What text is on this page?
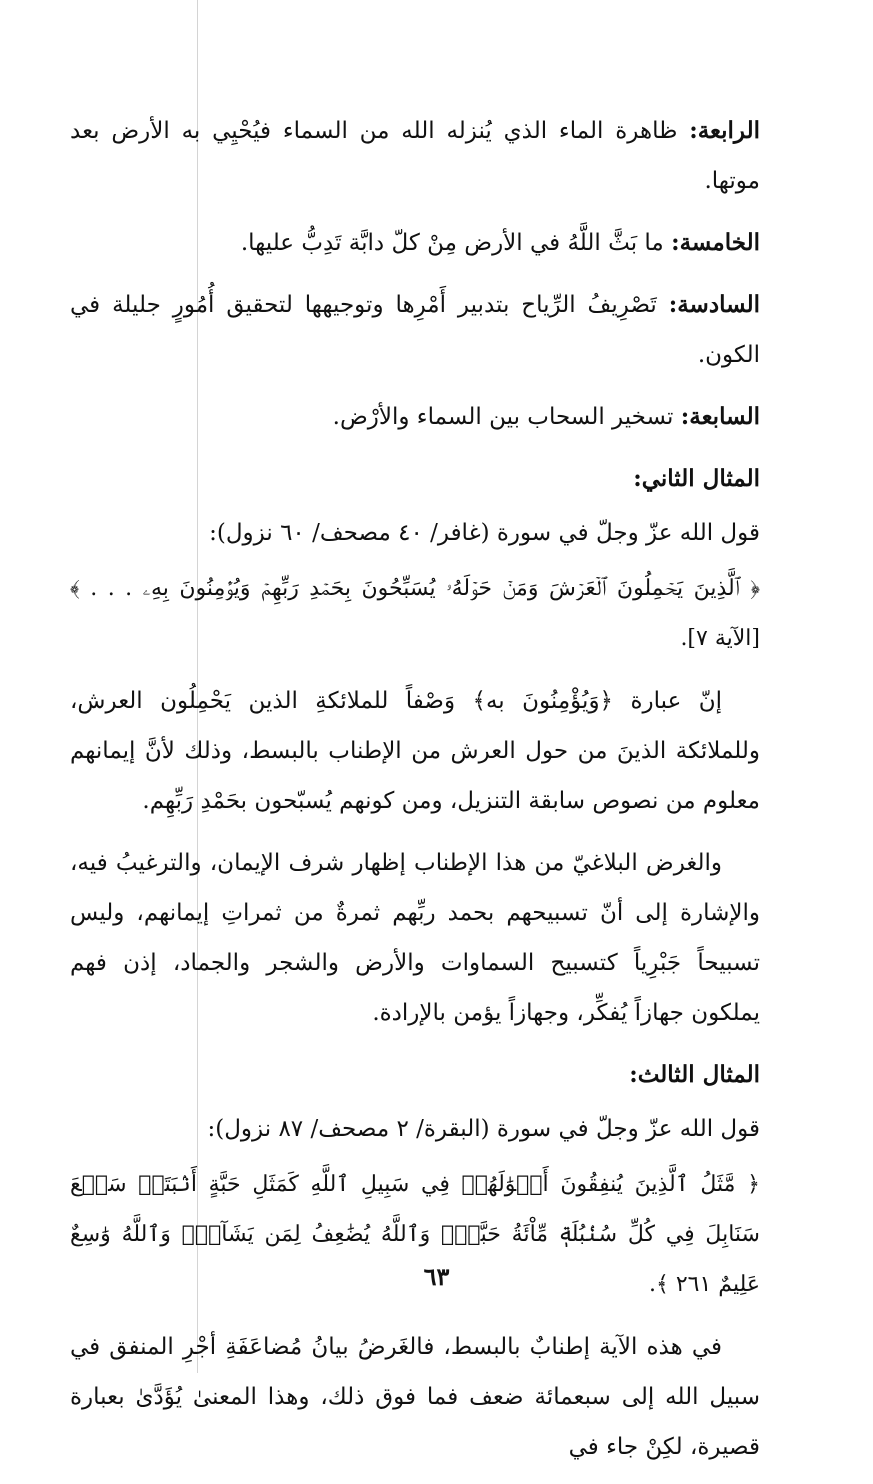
الرابعة: ظاهرة الماء الذي يُنزله الله من السماء فيُحْيِي به الأرض بعد موتها.

الخامسة: ما بَثَّ اللَّهُ في الأرض مِنْ كلّ دابَّة تَدِبُّ عليها.

السادسة: تَصْرِيفُ الرِّياح بتدبير أَمْرِها وتوجيهها لتحقيق أُمُورٍ جليلة في الكون.

السابعة: تسخير السحاب بين السماء والأرْض.

المثال الثاني:

قول الله عزّ وجلّ في سورة (غافر/ ٤٠ مصحف/ ٦٠ نزول):

﴿ ٱلَّذِينَ يَحۡمِلُونَ ٱلۡعَرۡشَ وَمَنۡ حَوۡلَهُۥ يُسَبِّحُونَ بِحَمۡدِ رَبِّهِمۡ وَيُؤۡمِنُونَ بِهِۦ . . . ﴾ [الآية ٧].

إنّ عبارة ﴿وَيُؤْمِنُونَ به﴾ وَصْفاً للملائكةِ الذين يَحْمِلُون العرش، وللملائكة الذينَ من حول العرش من الإطناب بالبسط، وذلك لأنَّ إيمانهم معلوم من نصوص سابقة التنزيل، ومن كونهم يُسبّحون بحَمْدِ رَبِّهِم.

والغرض البلاغيّ من هذا الإطناب إظهار شرف الإيمان، والترغيبُ فيه، والإشارة إلى أنّ تسبيحهم بحمد ربِّهم ثمرةٌ من ثمراتِ إيمانهم، وليس تسبيحاً جَبْرِياً كتسبيح السماوات والأرض والشجر والجماد، إذن فهم يملكون جهازاً يُفكِّر، وجهازاً يؤمن بالإرادة.

المثال الثالث:

قول الله عزّ وجلّ في سورة (البقرة/ ٢ مصحف/ ٨٧ نزول):

﴿ مَّثَلُ ٱلَّذِينَ يُنفِقُونَ أَمۡوَٰلَهُمۡ فِي سَبِيلِ ٱللَّهِ كَمَثَلِ حَبَّةٍ أَنۢبَتَتۡ سَبۡعَ سَنَابِلَ فِي كُلِّ سُنۢبُلَةٖ مِّاْئَةُ حَبَّةٖۗ وَٱللَّهُ يُضَٰعِفُ لِمَن يَشَآءُۚ وَٱللَّهُ وَٰسِعٌ عَلِيمٌ ٢٦١ ﴾.

في هذه الآية إطنابٌ بالبسط، فالغَرضُ بيانُ مُضاعَفَةِ أجْرِ المنفق في سبيل الله إلى سبعمائة ضعف فما فوق ذلك، وهذا المعنىٰ يُؤَدَّىٰ بعبارة قصيرة، لكِنْ جاء في

٦٣
